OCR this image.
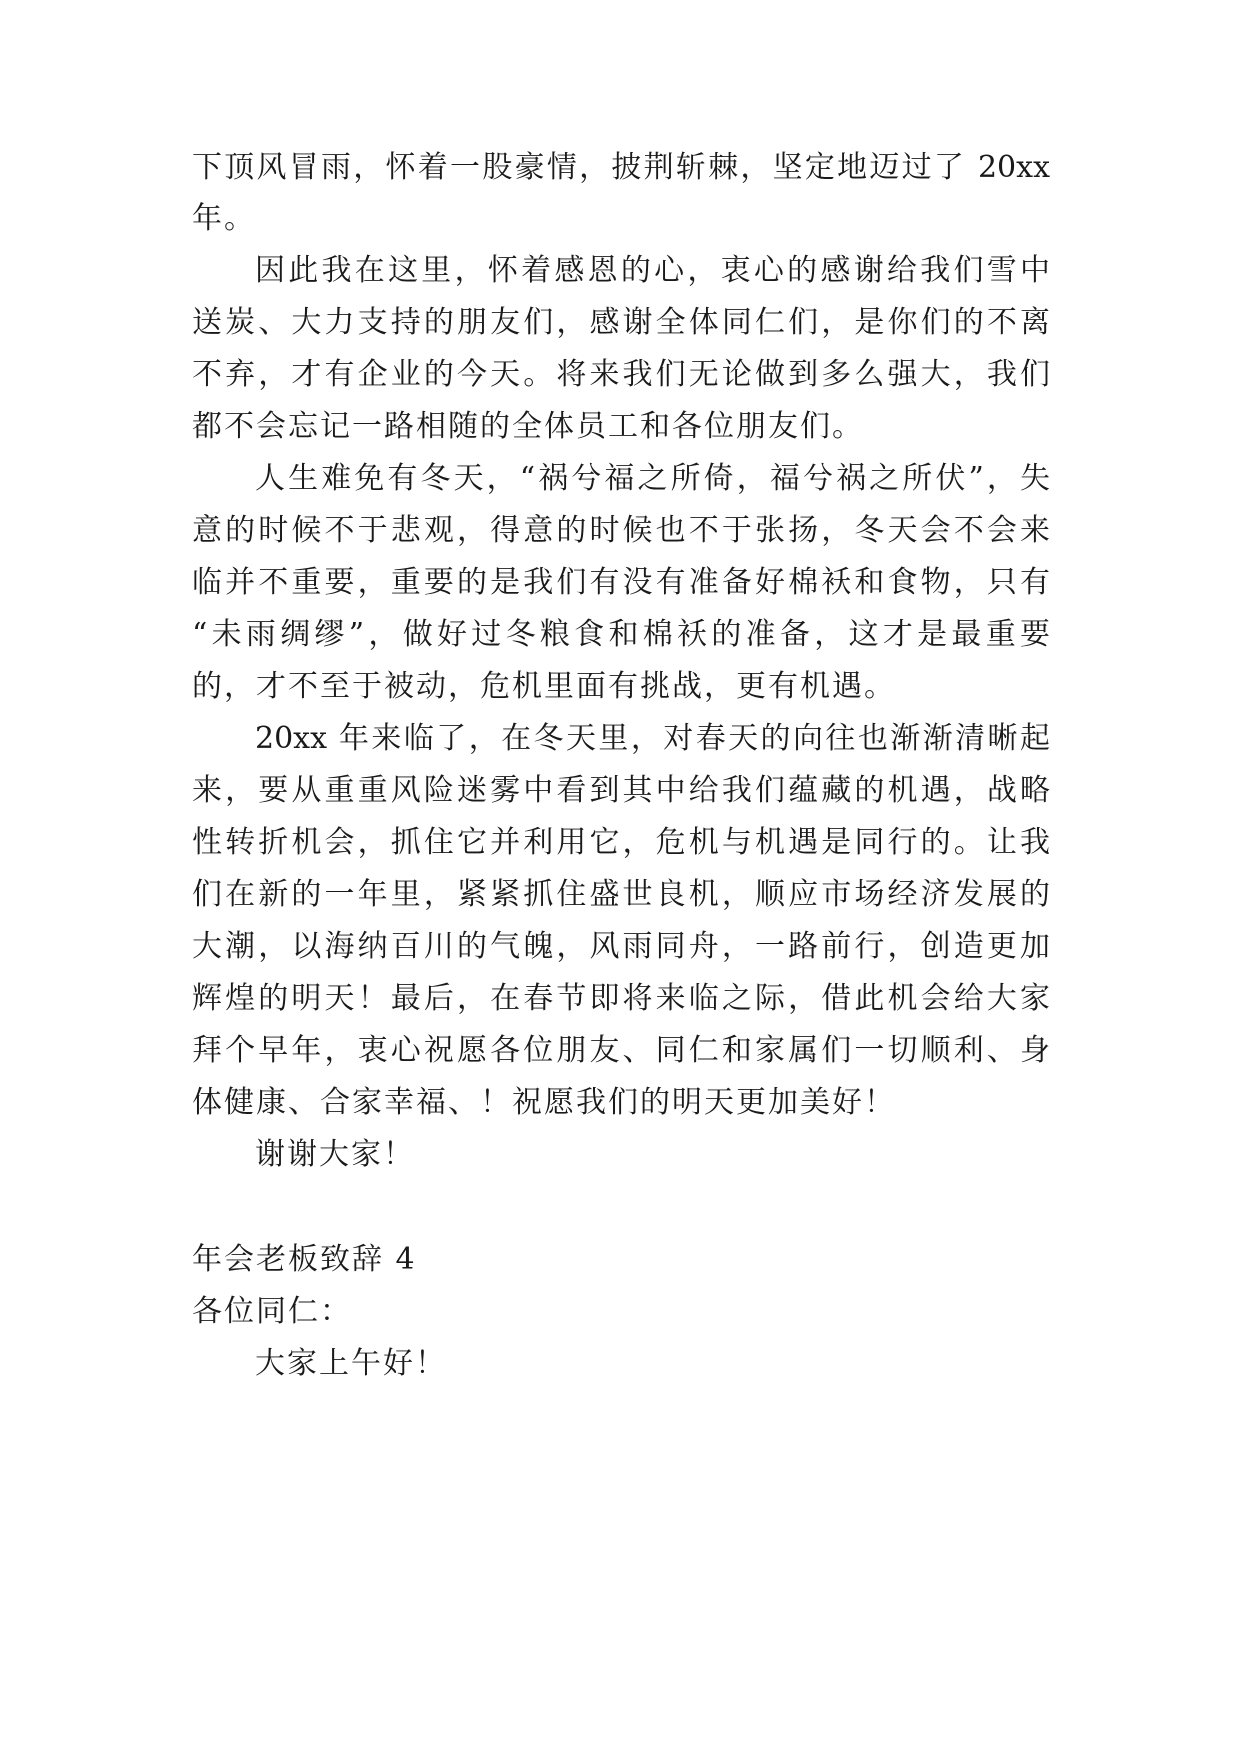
下顶风冒雨，怀着一股豪情，披荆斩棘，坚定地迈过了 20xx
年。
因此我在这里，怀着感恩的心，衷心的感谢给我们雪中
送炭、大力支持的朋友们，感谢全体同仁们，是你们的不离
不弃，才有企业的今天。将来我们无论做到多么强大，我们
都不会忘记一路相随的全体员工和各位朋友们。
人生难免有冬天，“祸兮福之所倚，福兮祸之所伏”，失
意的时候不于悲观，得意的时候也不于张扬，冬天会不会来
临并不重要，重要的是我们有没有准备好棉袄和食物，只有
“未雨绸缪”，做好过冬粮食和棉袄的准备，这才是最重要
的，才不至于被动，危机里面有挑战，更有机遇。
20xx 年来临了，在冬天里，对春天的向往也渐渐清晰起
来，要从重重风险迷雾中看到其中给我们蕴藏的机遇，战略
性转折机会，抓住它并利用它，危机与机遇是同行的。让我
们在新的一年里，紧紧抓住盛世良机，顺应市场经济发展的
大潮，以海纳百川的气魄，风雨同舟，一路前行，创造更加
辉煌的明天！最后，在春节即将来临之际，借此机会给大家
拜个早年，衷心祝愿各位朋友、同仁和家属们一切顺利、身
体健康、合家幸福、！祝愿我们的明天更加美好！
谢谢大家！
年会老板致辞 4
各位同仁：
大家上午好！
